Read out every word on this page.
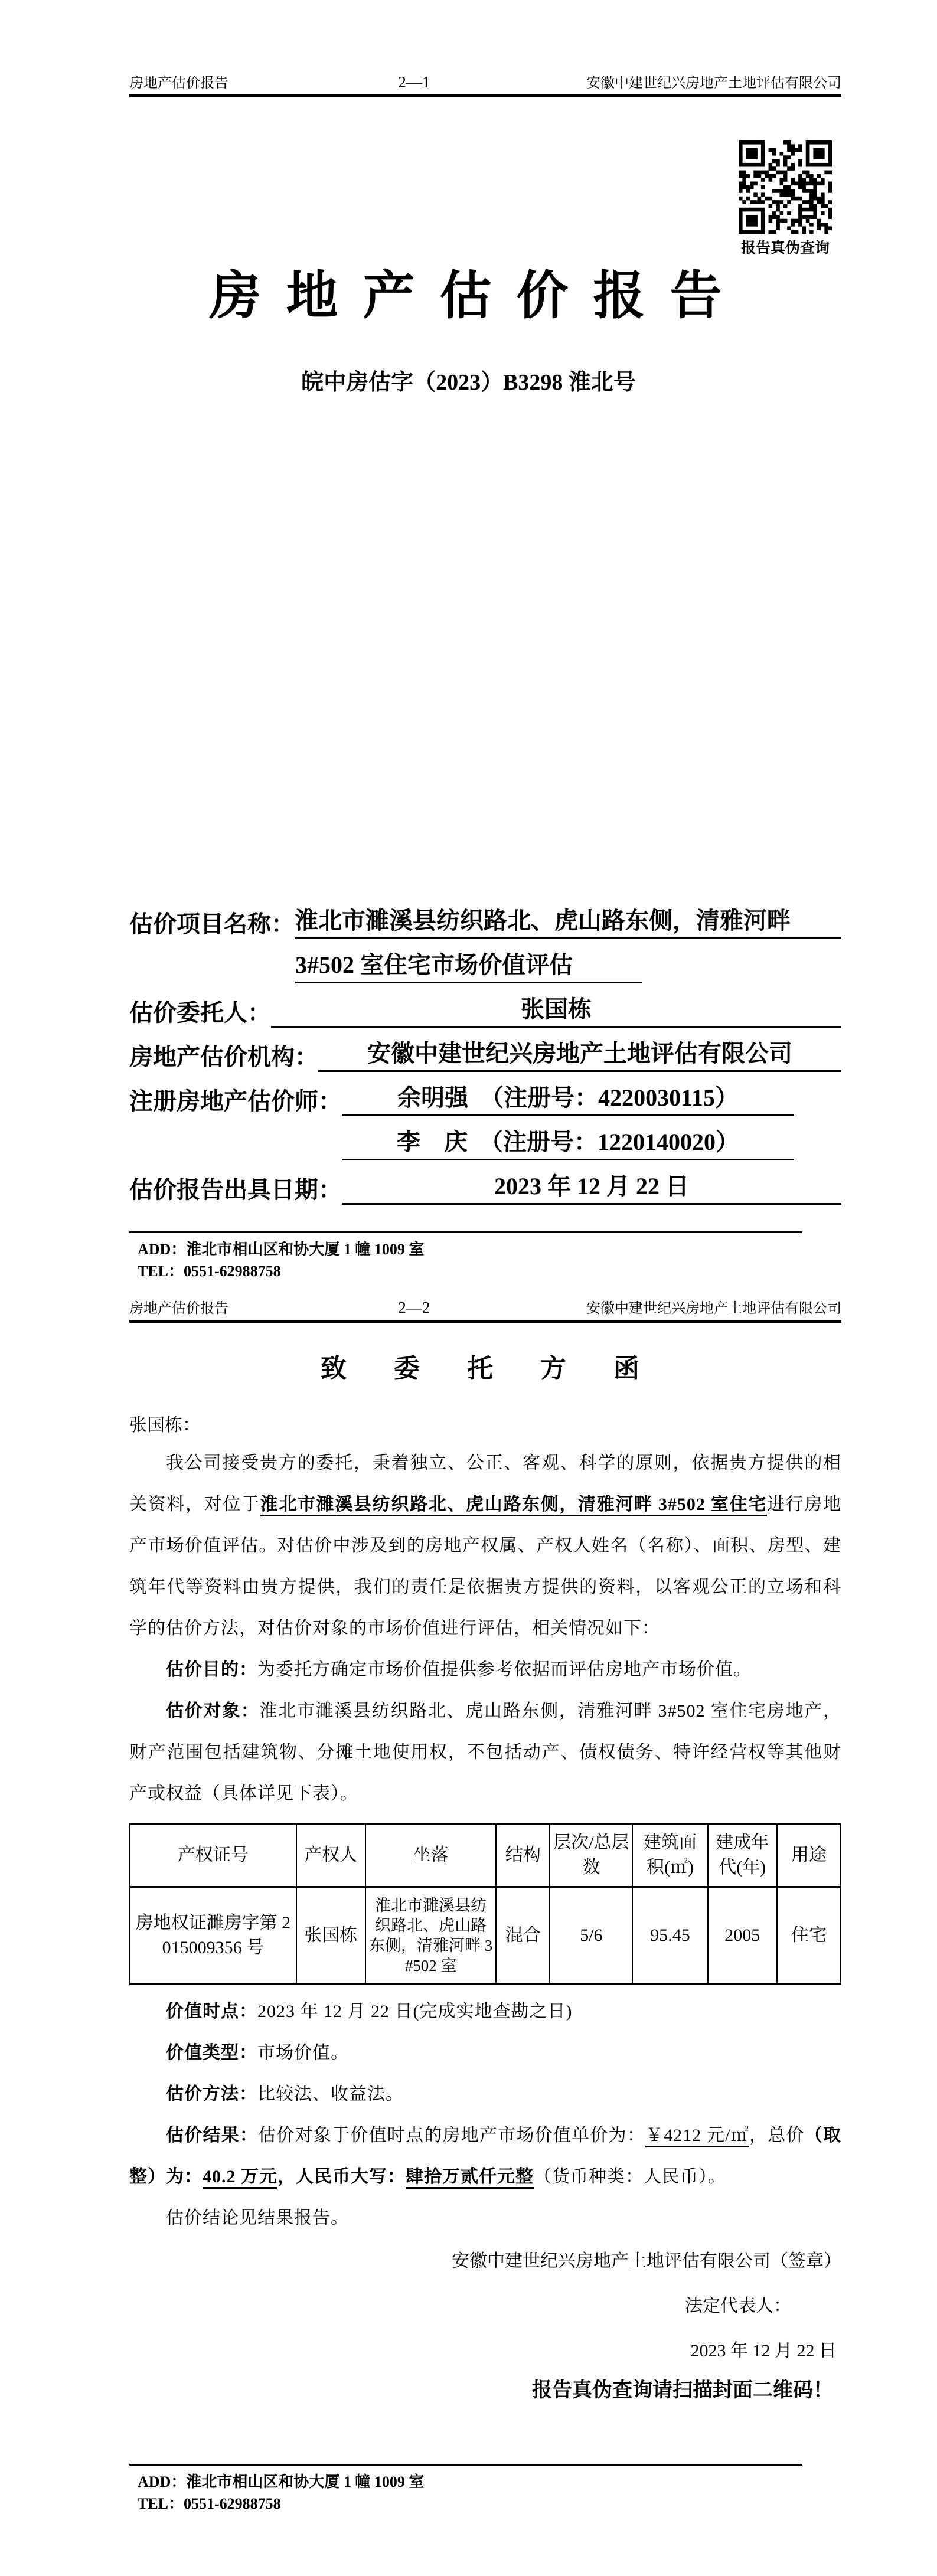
房地产估价报告	2—1	安徽中建世纪兴房地产土地评估有限公司
报告真伪查询
房 地 产 估 价 报 告
皖中房估字（2023）B3298 淮北号
估价项目名称： 淮北市濉溪县纺织路北、虎山路东侧，清雅河畔
3#502 室住宅市场价值评估
估价委托人：	张国栋
房地产估价机构：	安徽中建世纪兴房地产土地评估有限公司
注册房地产估价师：	余明强　（注册号：4220030115）
李　庆　（注册号：1220140020）
估价报告出具日期：	2023 年 12 月 22 日
ADD：淮北市相山区和协大厦 1 幢 1009 室
TEL：0551-62988758
房地产估价报告	2—2	安徽中建世纪兴房地产土地评估有限公司
致　委　托　方　函
张国栋：

我公司接受贵方的委托，秉着独立、公正、客观、科学的原则，依据贵方提供的相关资料，对位于淮北市濉溪县纺织路北、虎山路东侧，清雅河畔 3#502 室住宅进行房地产市场价值评估。对估价中涉及到的房地产权属、产权人姓名（名称）、面积、房型、建筑年代等资料由贵方提供，我们的责任是依据贵方提供的资料，以客观公正的立场和科学的估价方法，对估价对象的市场价值进行评估，相关情况如下：

估价目的：为委托方确定市场价值提供参考依据而评估房地产市场价值。

估价对象：淮北市濉溪县纺织路北、虎山路东侧，清雅河畔 3#502 室住宅房地产，财产范围包括建筑物、分摊土地使用权，不包括动产、债权债务、特许经营权等其他财产或权益（具体详见下表）。

产权证号	产权人	坐落	结构	层次/总层数	建筑面积(㎡)	建成年代(年)	用途
房地权证濉房字第 2015009356 号	张国栋	淮北市濉溪县纺织路北、虎山路东侧，清雅河畔 3#502 室	混合	5/6	95.45	2005	住宅

价值时点：2023 年 12 月 22 日(完成实地查勘之日)

价值类型：市场价值。

估价方法：比较法、收益法。

估价结果：估价对象于价值时点的房地产市场价值单价为：￥4212 元/㎡，总价（取整）为：40.2 万元，人民币大写：肆拾万贰仟元整（货币种类：人民币）。

估价结论见结果报告。

安徽中建世纪兴房地产土地评估有限公司（签章）
法定代表人：
2023 年 12 月 22 日
报告真伪查询请扫描封面二维码！
ADD：淮北市相山区和协大厦 1 幢 1009 室
TEL：0551-62988758
